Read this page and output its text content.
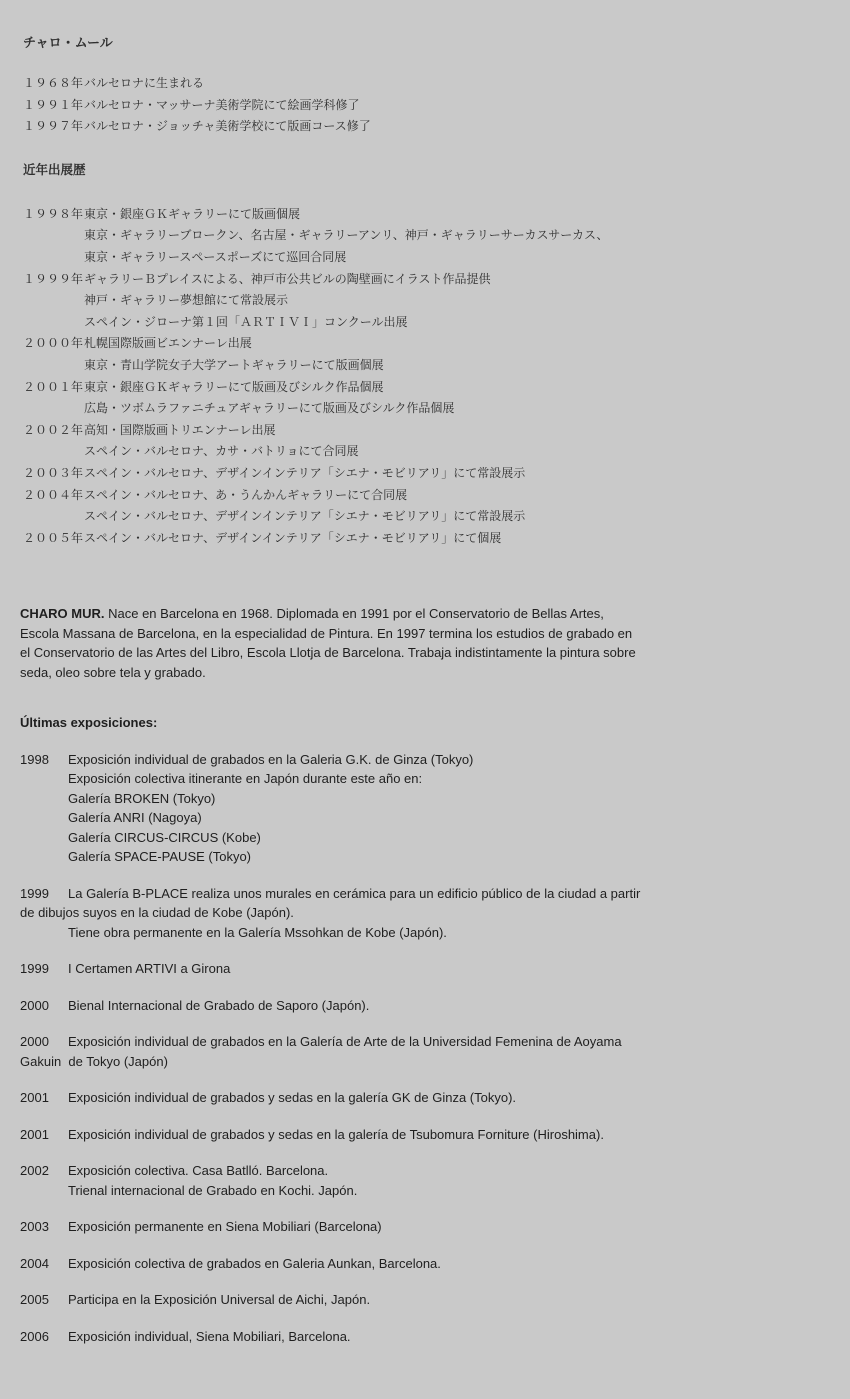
チャロ・ムール
１９６８年 バルセロナに生まれる
１９９１年 バルセロナ・マッサーナ美術学院にて絵画学科修了
１９９７年 バルセロナ・ジョッチャ美術学校にて版画コース修了
近年出展歴
１９９８年 東京・銀座ＧＫギャラリーにて版画個展
東京・ギャラリーブロークン、名古屋・ギャラリーアンリ、神戸・ギャラリーサーカスサーカス、
東京・ギャラリースペースポーズにて巡回合同展
１９９９年 ギャラリーＢプレイスによる、神戸市公共ビルの陶壁画にイラスト作品提供
神戸・ギャラリー夢想館にて常設展示
スペイン・ジローナ第１回「ＡＲＴＩＶＩ」コンクール出展
２０００年 札幌国際版画ビエンナーレ出展
東京・青山学院女子大学アートギャラリーにて版画個展
２００１年 東京・銀座ＧＫギャラリーにて版画及びシルク作品個展
広島・ツボムラファニチュアギャラリーにて版画及びシルク作品個展
２００２年 高知・国際版画トリエンナーレ出展
スペイン・バルセロナ、カサ・バトリョにて合同展
２００３年 スペイン・バルセロナ、デザインインテリア「シエナ・モビリアリ」にて常設展示
２００４年 スペイン・バルセロナ、あ・うんかんギャラリーにて合同展
スペイン・バルセロナ、デザインインテリア「シエナ・モビリアリ」にて常設展示
２００５年 スペイン・バルセロナ、デザインインテリア「シエナ・モビリアリ」にて個展
CHARO MUR. Nace en Barcelona en 1968. Diplomada en 1991 por el Conservatorio de Bellas Artes,
Escola Massana de Barcelona, en la especialidad de Pintura. En 1997 termina los estudios de grabado en
el Conservatorio de las Artes del Libro, Escola Llotja de Barcelona. Trabaja indistintamente la pintura sobre
seda, oleo sobre tela y grabado.
Últimas exposiciones:
1998	Exposición individual de grabados en la Galeria G.K. de Ginza (Tokyo)
Exposición colectiva itinerante en Japón durante este año en:
Galería BROKEN (Tokyo)
Galería ANRI (Nagoya)
Galería CIRCUS-CIRCUS (Kobe)
Galería SPACE-PAUSE (Tokyo)
1999	La Galería B-PLACE realiza unos murales en cerámica para un edificio público de la ciudad a partir
de dibujos suyos en la ciudad de Kobe (Japón).
Tiene obra permanente en la Galería Mssohkan de Kobe (Japón).
1999	I Certamen ARTIVI a Girona
2000	Bienal Internacional de Grabado de Saporo (Japón).
2000	Exposición individual de grabados en la Galería de Arte de la Universidad Femenina de Aoyama
Gakuin  de Tokyo (Japón)
2001	Exposición individual de grabados y sedas en la galería GK de Ginza (Tokyo).
2001	Exposición individual de grabados y sedas en la galería de Tsubomura Forniture (Hiroshima).
2002	Exposición colectiva. Casa Batlló. Barcelona.
Trienal internacional de Grabado en Kochi. Japón.
2003	Exposición permanente en Siena Mobiliari (Barcelona)
2004	Exposición colectiva de grabados en Galeria Aunkan, Barcelona.
2005	Participa en la Exposición Universal de Aichi, Japón.
2006	Exposición individual, Siena Mobiliari, Barcelona.
